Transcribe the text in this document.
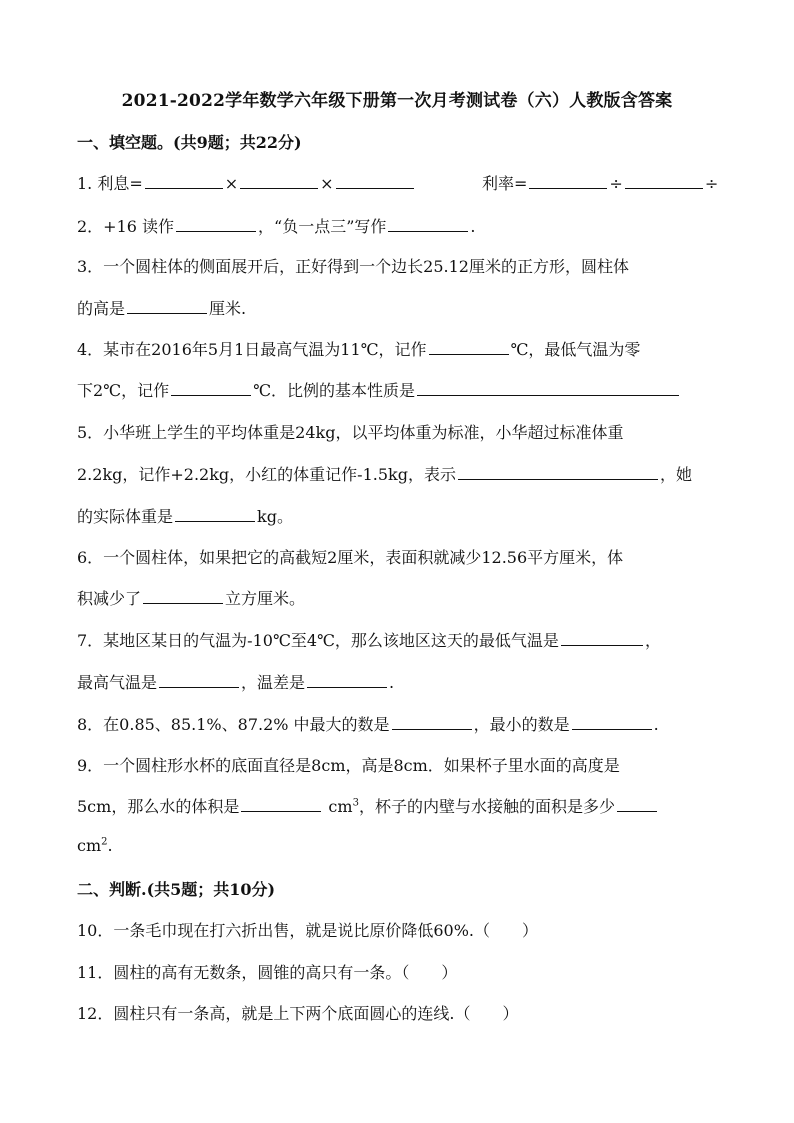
2021-2022学年数学六年级下册第一次月考测试卷（六）人教版含答案
一、填空题。(共9题；共22分)
1. 利息=	×	×	利率=	÷	÷
2．+16 读作	，“负一点三”写作	.
3．一个圆柱体的侧面展开后，正好得到一个边长25.12厘米的正方形，圆柱体
的高是	厘米.
4．某市在2016年5月1日最高气温为11℃，记作	℃，最低气温为零
下2℃，记作	℃．比例的基本性质是
5．小华班上学生的平均体重是24kg，以平均体重为标准，小华超过标准体重
2.2kg，记作+2.2kg，小红的体重记作-1.5kg，表示	，她
的实际体重是	kg。
6．一个圆柱体，如果把它的高截短2厘米，表面积就减少12.56平方厘米，体
积减少了	立方厘米。
7．某地区某日的气温为-10℃至4℃，那么该地区这天的最低气温是	，
最高气温是	，温差是	.
8．在0.85、85.1%、87.2% 中最大的数是	，最小的数是	.
9．一个圆柱形水杯的底面直径是8cm，高是8cm．如果杯子里水面的高度是
5cm，那么水的体积是	$cm^3$，杯子的内壁与水接触的面积是多少
$cm^2$.
二、判断.(共5题；共10分)
10．一条毛巾现在打六折出售，就是说比原价降低60%.（　　）
11．圆柱的高有无数条，圆锥的高只有一条。（　　）
12．圆柱只有一条高，就是上下两个底面圆心的连线.（　　）
